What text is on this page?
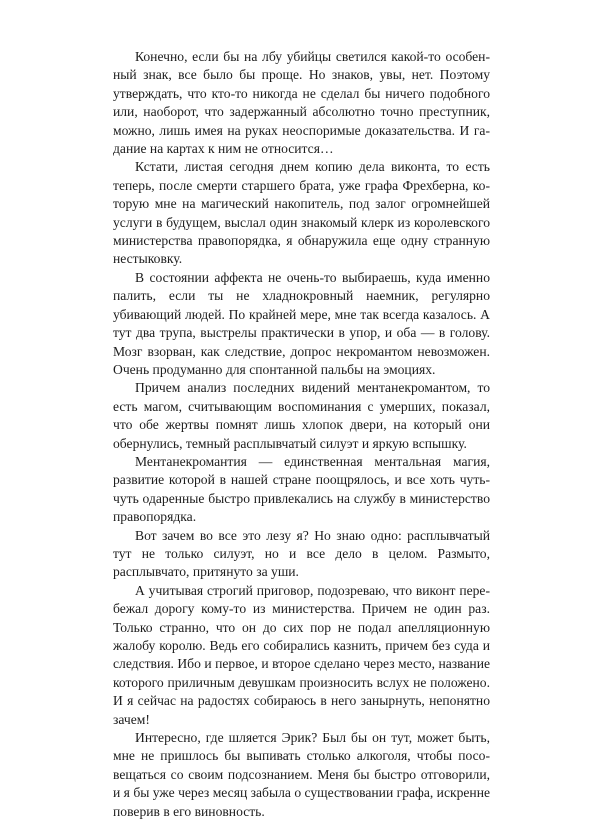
Конечно, если бы на лбу убийцы светился какой-то особенный знак, все было бы проще. Но знаков, увы, нет. Поэтому утверждать, что кто-то никогда не сделал бы ничего подобного или, наоборот, что задержанный абсолютно точно преступник, можно, лишь имея на руках неоспоримые доказательства. И гадание на картах к ним не относится…

Кстати, листая сегодня днем копию дела виконта, то есть теперь, после смерти старшего брата, уже графа Фрехберна, которую мне на магический накопитель, под залог огромнейшей услуги в будущем, выслал один знакомый клерк из королевского министерства правопорядка, я обнаружила еще одну странную нестыковку.

В состоянии аффекта не очень-то выбираешь, куда именно палить, если ты не хладнокровный наемник, регулярно убивающий людей. По крайней мере, мне так всегда казалось. А тут два трупа, выстрелы практически в упор, и оба — в голову. Мозг взорван, как следствие, допрос некромантом невозможен. Очень продуманно для спонтанной пальбы на эмоциях.

Причем анализ последних видений ментанекромантом, то есть магом, считывающим воспоминания с умерших, показал, что обе жертвы помнят лишь хлопок двери, на который они обернулись, темный расплывчатый силуэт и яркую вспышку.

Ментанекромантия — единственная ментальная магия, развитие которой в нашей стране поощрялось, и все хоть чуть-чуть одаренные быстро привлекались на службу в министерство правопорядка.

Вот зачем во все это лезу я? Но знаю одно: расплывчатый тут не только силуэт, но и все дело в целом. Размыто, расплывчато, притянуто за уши.

А учитывая строгий приговор, подозреваю, что виконт перебежал дорогу кому-то из министерства. Причем не один раз. Только странно, что он до сих пор не подал апелляционную жалобу королю. Ведь его собирались казнить, причем без суда и следствия. Ибо и первое, и второе сделано через место, название которого приличным девушкам произносить вслух не положено. И я сейчас на радостях собираюсь в него занырнуть, непонятно зачем!

Интересно, где шляется Эрик? Был бы он тут, может быть, мне не пришлось бы выпивать столько алкоголя, чтобы посовещаться со своим подсознанием. Меня бы быстро отговорили, и я бы уже через месяц забыла о существовании графа, искренне поверив в его виновность.
